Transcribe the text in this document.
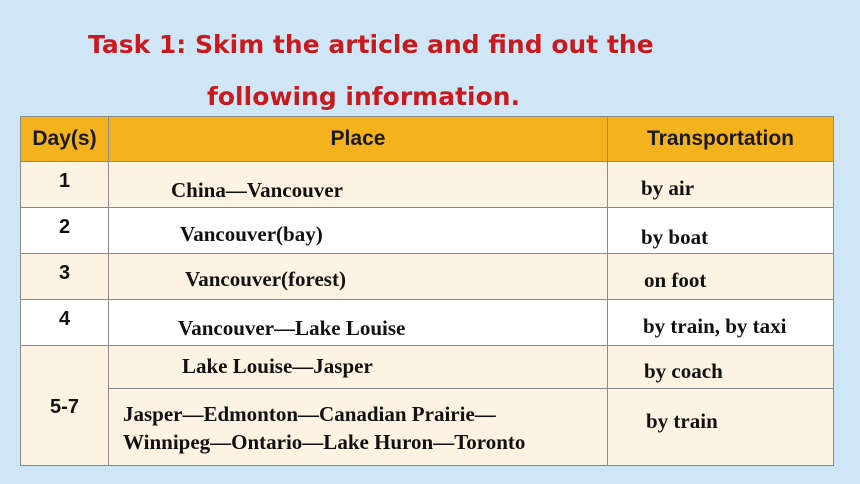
Task 1: Skim the article and find out the
following information.
Day(s)	Place	Transportation

1	China—Vancouver	by air

2	Vancouver(bay)	by boat

3	Vancouver(forest)	on foot

4	Vancouver—Lake Louise	by train, by taxi

5-7	Lake Louise—Jasper	by coach

	Jasper—Edmonton—Canadian Prairie—
Winnipeg—Ontario—Lake Huron—Toronto	by train
